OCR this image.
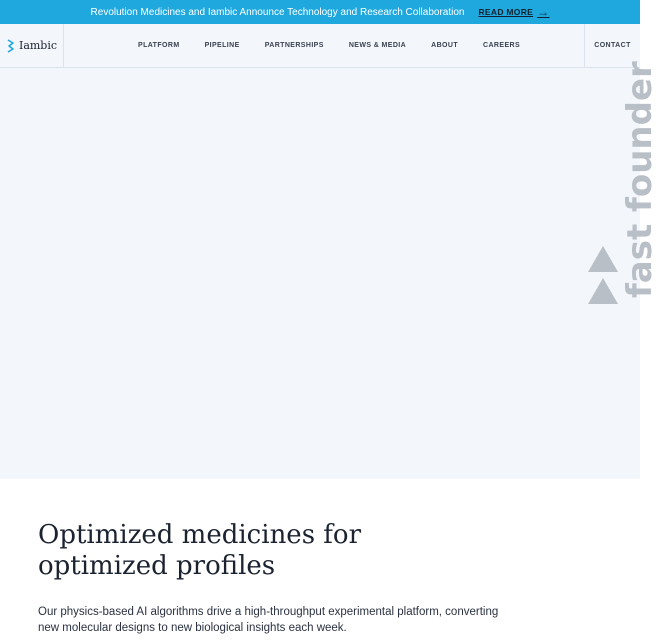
Revolution Medicines and Iambic Announce Technology and Research Collaboration READ MORE →
Iambic	PLATFORM	PIPELINE	PARTNERSHIPS	NEWS & MEDIA	ABOUT	CAREERS	CONTACT
fast founder
Optimized medicines for optimized profiles

Our physics-based AI algorithms drive a high-throughput experimental platform, converting new molecular designs to new biological insights each week.
